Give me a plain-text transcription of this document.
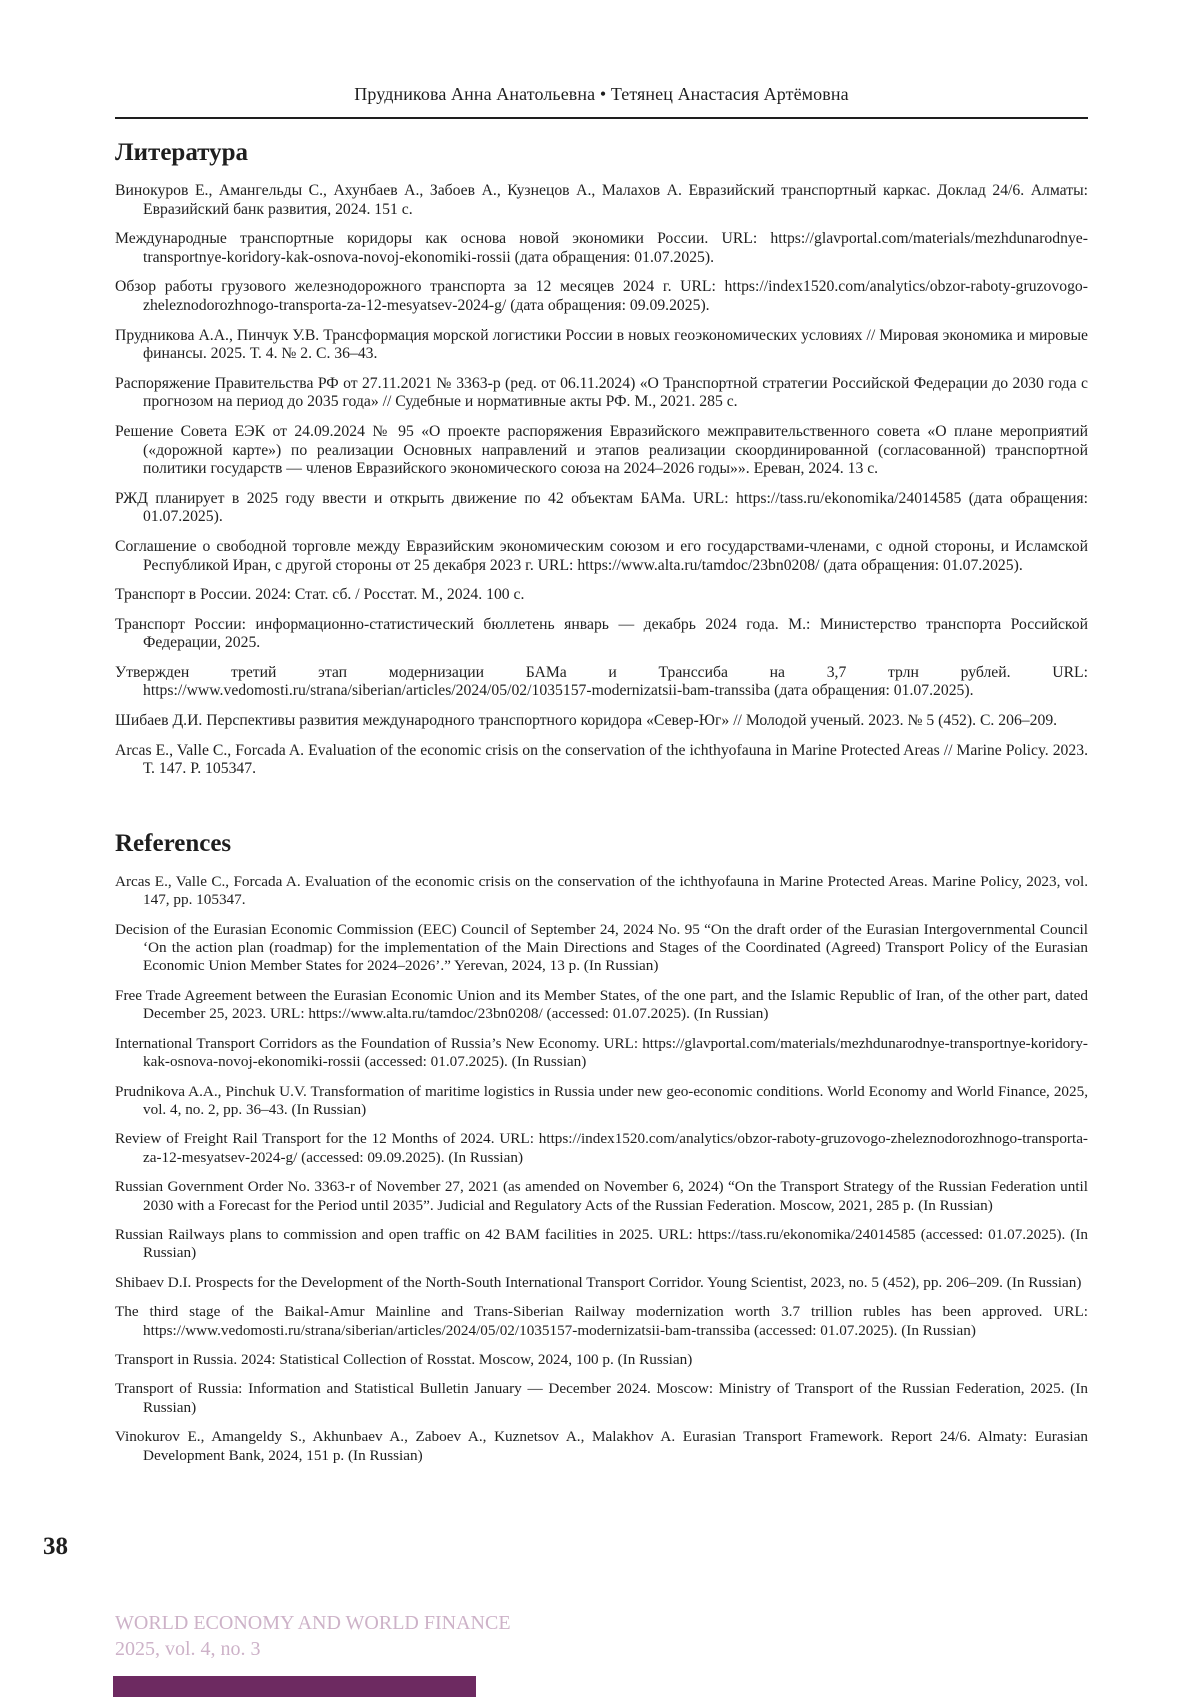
Прудникова Анна Анатольевна • Тетянец Анастасия Артёмовна
Литература
Винокуров Е., Амангельды С., Ахунбаев А., Забоев А., Кузнецов А., Малахов А. Евразийский транспортный каркас. Доклад 24/6. Алматы: Евразийский банк развития, 2024. 151 с.
Международные транспортные коридоры как основа новой экономики России. URL: https://glavportal.com/materials/mezhdunarodnye-transportnye-koridory-kak-osnova-novoj-ekonomiki-rossii (дата обращения: 01.07.2025).
Обзор работы грузового железнодорожного транспорта за 12 месяцев 2024 г. URL: https://index1520.com/analytics/obzor-raboty-gruzovogo-zheleznodorozhnogo-transporta-za-12-mesyatsev-2024-g/ (дата обращения: 09.09.2025).
Прудникова А.А., Пинчук У.В. Трансформация морской логистики России в новых геоэкономических условиях // Мировая экономика и мировые финансы. 2025. Т. 4. № 2. С. 36–43.
Распоряжение Правительства РФ от 27.11.2021 № 3363-р (ред. от 06.11.2024) «О Транспортной стратегии Российской Федерации до 2030 года с прогнозом на период до 2035 года» // Судебные и нормативные акты РФ. М., 2021. 285 с.
Решение Совета ЕЭК от 24.09.2024 № 95 «О проекте распоряжения Евразийского межправительственного совета «О плане мероприятий («дорожной карте») по реализации Основных направлений и этапов реализации скоординированной (согласованной) транспортной политики государств — членов Евразийского экономического союза на 2024–2026 годы»». Ереван, 2024. 13 с.
РЖД планирует в 2025 году ввести и открыть движение по 42 объектам БАМа. URL: https://tass.ru/ekonomika/24014585 (дата обращения: 01.07.2025).
Соглашение о свободной торговле между Евразийским экономическим союзом и его государствами-членами, с одной стороны, и Исламской Республикой Иран, с другой стороны от 25 декабря 2023 г. URL: https://www.alta.ru/tamdoc/23bn0208/ (дата обращения: 01.07.2025).
Транспорт в России. 2024: Стат. сб. / Росстат. М., 2024. 100 с.
Транспорт России: информационно-статистический бюллетень январь — декабрь 2024 года. М.: Министерство транспорта Российской Федерации, 2025.
Утвержден третий этап модернизации БАМа и Транссиба на 3,7 трлн рублей. URL: https://www.vedomosti.ru/strana/siberian/articles/2024/05/02/1035157-modernizatsii-bam-transsiba (дата обращения: 01.07.2025).
Шибаев Д.И. Перспективы развития международного транспортного коридора «Север-Юг» // Молодой ученый. 2023. № 5 (452). С. 206–209.
Arcas E., Valle C., Forcada A. Evaluation of the economic crisis on the conservation of the ichthyofauna in Marine Protected Areas // Marine Policy. 2023. Т. 147. P. 105347.
References
Arcas E., Valle C., Forcada A. Evaluation of the economic crisis on the conservation of the ichthyofauna in Marine Protected Areas. Marine Policy, 2023, vol. 147, pp. 105347.
Decision of the Eurasian Economic Commission (EEC) Council of September 24, 2024 No. 95 “On the draft order of the Eurasian Intergovernmental Council ‘On the action plan (roadmap) for the implementation of the Main Directions and Stages of the Coordinated (Agreed) Transport Policy of the Eurasian Economic Union Member States for 2024–2026’.” Yerevan, 2024, 13 p. (In Russian)
Free Trade Agreement between the Eurasian Economic Union and its Member States, of the one part, and the Islamic Republic of Iran, of the other part, dated December 25, 2023. URL: https://www.alta.ru/tamdoc/23bn0208/ (accessed: 01.07.2025). (In Russian)
International Transport Corridors as the Foundation of Russia’s New Economy. URL: https://glavportal.com/materials/mezhdunarodnye-transportnye-koridory-kak-osnova-novoj-ekonomiki-rossii (accessed: 01.07.2025). (In Russian)
Prudnikova A.A., Pinchuk U.V. Transformation of maritime logistics in Russia under new geo-economic conditions. World Economy and World Finance, 2025, vol. 4, no. 2, pp. 36–43. (In Russian)
Review of Freight Rail Transport for the 12 Months of 2024. URL: https://index1520.com/analytics/obzor-raboty-gruzovogo-zheleznodorozhnogo-transporta-za-12-mesyatsev-2024-g/ (accessed: 09.09.2025). (In Russian)
Russian Government Order No. 3363-r of November 27, 2021 (as amended on November 6, 2024) “On the Transport Strategy of the Russian Federation until 2030 with a Forecast for the Period until 2035”. Judicial and Regulatory Acts of the Russian Federation. Moscow, 2021, 285 p. (In Russian)
Russian Railways plans to commission and open traffic on 42 BAM facilities in 2025. URL: https://tass.ru/ekonomika/24014585 (accessed: 01.07.2025). (In Russian)
Shibaev D.I. Prospects for the Development of the North-South International Transport Corridor. Young Scientist, 2023, no. 5 (452), pp. 206–209. (In Russian)
The third stage of the Baikal-Amur Mainline and Trans-Siberian Railway modernization worth 3.7 trillion rubles has been approved. URL: https://www.vedomosti.ru/strana/siberian/articles/2024/05/02/1035157-modernizatsii-bam-transsiba (accessed: 01.07.2025). (In Russian)
Transport in Russia. 2024: Statistical Collection of Rosstat. Moscow, 2024, 100 p. (In Russian)
Transport of Russia: Information and Statistical Bulletin January — December 2024. Moscow: Ministry of Transport of the Russian Federation, 2025. (In Russian)
Vinokurov E., Amangeldy S., Akhunbaev A., Zaboev A., Kuznetsov A., Malakhov A. Eurasian Transport Framework. Report 24/6. Almaty: Eurasian Development Bank, 2024, 151 p. (In Russian)
38
WORLD ECONOMY AND WORLD FINANCE
2025, vol. 4, no. 3
